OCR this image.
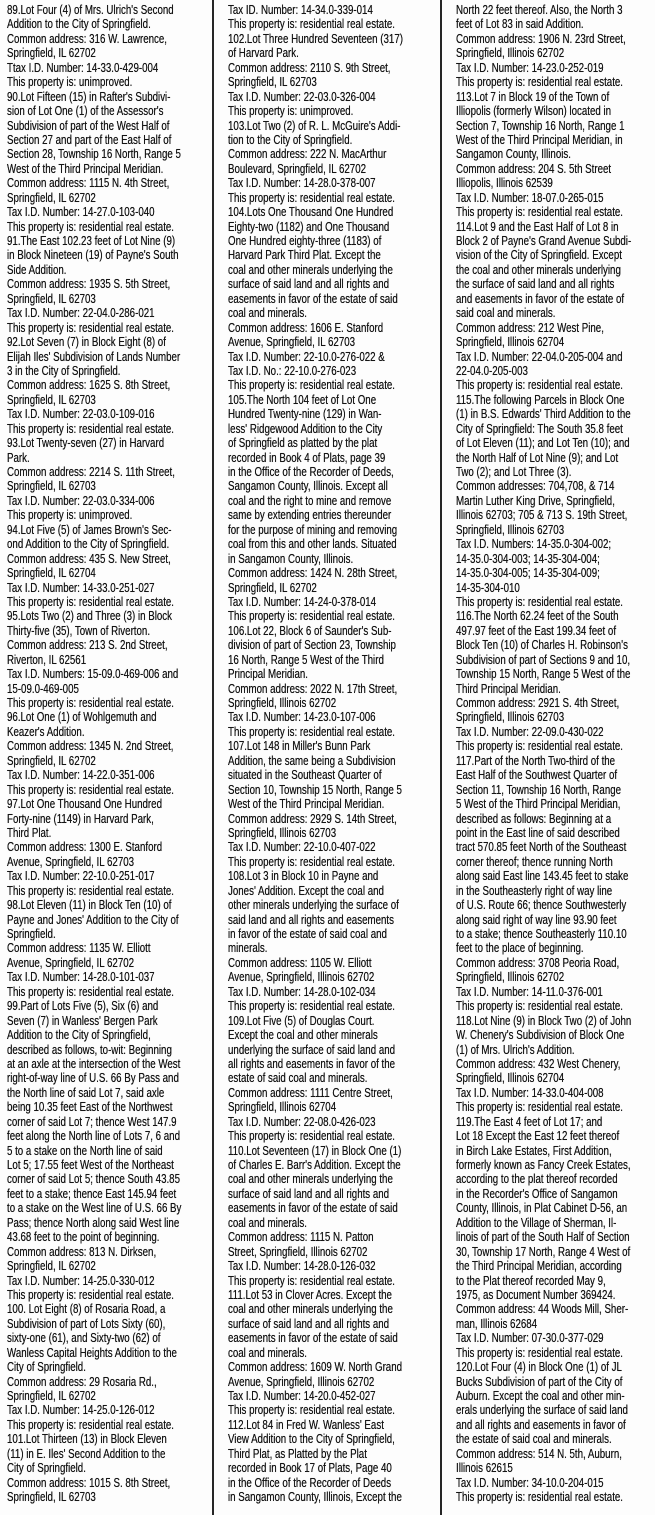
89.Lot Four (4) of Mrs. Ulrich's Second
Addition to the City of Springfield.
Common address: 316 W. Lawrence,
Springfield, IL 62702
Ttax I.D. Number: 14-33.0-429-004
This property is: unimproved.
90.Lot Fifteen (15) in Rafter's Subdivi-
sion of Lot One (1) of the Assessor's
Subdivision of part of the West Half of
Section 27 and part of the East Half of
Section 28, Township 16 North, Range 5
West of the Third Principal Meridian.
Common address: 1115 N. 4th Street,
Springfield, IL 62702
Tax I.D. Number: 14-27.0-103-040
This property is: residential real estate.
91.The East 102.23 feet of Lot Nine (9)
in Block Nineteen (19) of Payne's South
Side Addition.
Common address: 1935 S. 5th Street,
Springfield, IL 62703
Tax I.D. Number: 22-04.0-286-021
This property is: residential real estate.
92.Lot Seven (7) in Block Eight (8) of
Elijah Iles' Subdivision of Lands Number
3 in the City of Springfield.
Common address: 1625 S. 8th Street,
Springfield, IL 62703
Tax I.D. Number: 22-03.0-109-016
This property is: residential real estate.
93.Lot Twenty-seven (27) in Harvard
Park.
Common address: 2214 S. 11th Street,
Springfield, IL 62703
Tax I.D. Number: 22-03.0-334-006
This property is: unimproved.
94.Lot Five (5) of James Brown's Sec-
ond Addition to the City of Springfield.
Common address: 435 S. New Street,
Springfield, IL 62704
Tax I.D. Number: 14-33.0-251-027
This property is: residential real estate.
95.Lots Two (2) and Three (3) in Block
Thirty-five (35), Town of Riverton.
Common address: 213 S. 2nd Street,
Riverton, IL 62561
Tax I.D. Numbers: 15-09.0-469-006 and
15-09.0-469-005
This property is: residential real estate.
96.Lot One (1) of Wohlgemuth and
Keazer's Addition.
Common address: 1345 N. 2nd Street,
Springfield, IL 62702
Tax I.D. Number: 14-22.0-351-006
This property is: residential real estate.
97.Lot One Thousand One Hundred
Forty-nine (1149) in Harvard Park,
Third Plat.
Common address: 1300 E. Stanford
Avenue, Springfield, IL 62703
Tax I.D. Number: 22-10.0-251-017
This property is: residential real estate.
98.Lot Eleven (11) in Block Ten (10) of
Payne and Jones' Addition to the City of
Springfield.
Common address: 1135 W. Elliott
Avenue, Springfield, IL 62702
Tax I.D. Number: 14-28.0-101-037
This property is: residential real estate.
99.Part of Lots Five (5), Six (6) and
Seven (7) in Wanless' Bergen Park
Addition to the City of Springfield,
described as follows, to-wit: Beginning
at an axle at the intersection of the West
right-of-way line of U.S. 66 By Pass and
the North line of said Lot 7, said axle
being 10.35 feet East of the Northwest
corner of said Lot 7; thence West 147.9
feet along the North line of Lots 7, 6 and
5 to a stake on the North line of said
Lot 5; 17.55 feet West of the Northeast
corner of said Lot 5; thence South 43.85
feet to a stake; thence East 145.94 feet
to a stake on the West line of U.S. 66 By
Pass; thence North along said West line
43.68 feet to the point of beginning.
Common address: 813 N. Dirksen,
Springfield, IL 62702
Tax I.D. Number: 14-25.0-330-012
This property is: residential real estate.
100. Lot Eight (8) of Rosaria Road, a
Subdivision of part of Lots Sixty (60),
sixty-one (61), and Sixty-two (62) of
Wanless Capital Heights Addition to the
City of Springfield.
Common address: 29 Rosaria Rd.,
Springfield, IL 62702
Tax I.D. Number: 14-25.0-126-012
This property is: residential real estate.
101.Lot Thirteen (13) in Block Eleven
(11) in E. Iles' Second Addition to the
City of Springfield.
Common address: 1015 S. 8th Street,
Springfield, IL 62703
Tax ID. Number: 14-34.0-339-014
This property is: residential real estate.
102.Lot Three Hundred Seventeen (317)
of Harvard Park.
Common address: 2110 S. 9th Street,
Springfield, IL 62703
Tax I.D. Number: 22-03.0-326-004
This property is: unimproved.
103.Lot Two (2) of R. L. McGuire's Addi-
tion to the City of Springfield.
Common address: 222 N. MacArthur
Boulevard, Springfield, IL 62702
Tax I.D. Number: 14-28.0-378-007
This property is: residential real estate.
104.Lots One Thousand One Hundred
Eighty-two (1182) and One Thousand
One Hundred eighty-three (1183) of
Harvard Park Third Plat. Except the
coal and other minerals underlying the
surface of said land and all rights and
easements in favor of the estate of said
coal and minerals.
Common address: 1606 E. Stanford
Avenue, Springfield, IL 62703
Tax I.D. Number: 22-10.0-276-022 &
Tax I.D. No.: 22-10.0-276-023
This property is: residential real estate.
105.The North 104 feet of Lot One
Hundred Twenty-nine (129) in Wan-
less' Ridgewood Addition to the City
of Springfield as platted by the plat
recorded in Book 4 of Plats, page 39
in the Office of the Recorder of Deeds,
Sangamon County, Illinois. Except all
coal and the right to mine and remove
same by extending entries thereunder
for the purpose of mining and removing
coal from this and other lands. Situated
in Sangamon County, Illinois.
Common address: 1424 N. 28th Street,
Springfield, IL 62702
Tax I.D. Number: 14-24-0-378-014
This property is: residential real estate.
106.Lot 22, Block 6 of Saunder's Sub-
division of part of Section 23, Township
16 North, Range 5 West of the Third
Principal Meridian.
Common address: 2022 N. 17th Street,
Springfield, Illinois 62702
Tax I.D. Number: 14-23.0-107-006
This property is: residential real estate.
107.Lot 148 in Miller's Bunn Park
Addition, the same being a Subdivision
situated in the Southeast Quarter of
Section 10, Township 15 North, Range 5
West of the Third Principal Meridian.
Common address: 2929 S. 14th Street,
Springfield, Illinois 62703
Tax I.D. Number: 22-10.0-407-022
This property is: residential real estate.
108.Lot 3 in Block 10 in Payne and
Jones' Addition. Except the coal and
other minerals underlying the surface of
said land and all rights and easements
in favor of the estate of said coal and
minerals.
Common address: 1105 W. Elliott
Avenue, Springfield, Illinois 62702
Tax I.D. Number: 14-28.0-102-034
This property is: residential real estate.
109.Lot Five (5) of Douglas Court.
Except the coal and other minerals
underlying the surface of said land and
all rights and easements in favor of the
estate of said coal and minerals.
Common address: 1111 Centre Street,
Springfield, Illinois 62704
Tax I.D. Number: 22-08.0-426-023
This property is: residential real estate.
110.Lot Seventeen (17) in Block One (1)
of Charles E. Barr's Addition. Except the
coal and other minerals underlying the
surface of said land and all rights and
easements in favor of the estate of said
coal and minerals.
Common address: 1115 N. Patton
Street, Springfield, Illinois 62702
Tax I.D. Number: 14-28.0-126-032
This property is: residential real estate.
111.Lot 53 in Clover Acres. Except the
coal and other minerals underlying the
surface of said land and all rights and
easements in favor of the estate of said
coal and minerals.
Common address: 1609 W. North Grand
Avenue, Springfield, Illinois 62702
Tax I.D. Number: 14-20.0-452-027
This property is: residential real estate.
112.Lot 84 in Fred W. Wanless' East
View Addition to the City of Springfield,
Third Plat, as Platted by the Plat
recorded in Book 17 of Plats, Page 40
in the Office of the Recorder of Deeds
in Sangamon County, Illinois, Except the
North 22 feet thereof. Also, the North 3
feet of Lot 83 in said Addition.
Common address: 1906 N. 23rd Street,
Springfield, Illinois 62702
Tax I.D. Number: 14-23.0-252-019
This property is: residential real estate.
113.Lot 7 in Block 19 of the Town of
Illiopolis (formerly Wilson) located in
Section 7, Township 16 North, Range 1
West of the Third Principal Meridian, in
Sangamon County, Illinois.
Common address: 204 S. 5th Street
Illiopolis, Illinois 62539
Tax I.D. Number: 18-07.0-265-015
This property is: residential real estate.
114.Lot 9 and the East Half of Lot 8 in
Block 2 of Payne's Grand Avenue Subdi-
vision of the City of Springfield. Except
the coal and other minerals underlying
the surface of said land and all rights
and easements in favor of the estate of
said coal and minerals.
Common address: 212 West Pine,
Springfield, Illinois 62704
Tax I.D. Number: 22-04.0-205-004 and
22-04.0-205-003
This property is: residential real estate.
115.The following Parcels in Block One
(1) in B.S. Edwards' Third Addition to the
City of Springfield: The South 35.8 feet
of Lot Eleven (11); and Lot Ten (10); and
the North Half of Lot Nine (9); and Lot
Two (2); and Lot Three (3).
Common addresses: 704,708, & 714
Martin Luther King Drive, Springfield,
Illinois 62703; 705 & 713 S. 19th Street,
Springfield, Illinois 62703
Tax I.D. Numbers: 14-35.0-304-002;
14-35.0-304-003; 14-35-304-004;
14-35.0-304-005; 14-35-304-009;
14-35-304-010
This property is: residential real estate.
116.The North 62.24 feet of the South
497.97 feet of the East 199.34 feet of
Block Ten (10) of Charles H. Robinson's
Subdivision of part of Sections 9 and 10,
Township 15 North, Range 5 West of the
Third Principal Meridian.
Common address: 2921 S. 4th Street,
Springfield, Illinois 62703
Tax I.D. Number: 22-09.0-430-022
This property is: residential real estate.
117.Part of the North Two-third of the
East Half of the Southwest Quarter of
Section 11, Township 16 North, Range
5 West of the Third Principal Meridian,
described as follows: Beginning at a
point in the East line of said described
tract 570.85 feet North of the Southeast
corner thereof; thence running North
along said East line 143.45 feet to stake
in the Southeasterly right of way line
of U.S. Route 66; thence Southwesterly
along said right of way line 93.90 feet
to a stake; thence Southeasterly 110.10
feet to the place of beginning.
Common address: 3708 Peoria Road,
Springfield, Illinois 62702
Tax I.D. Number: 14-11.0-376-001
This property is: residential real estate.
118.Lot Nine (9) in Block Two (2) of John
W. Chenery's Subdivision of Block One
(1) of Mrs. Ulrich's Addition.
Common address: 432 West Chenery,
Springfield, Illinois 62704
Tax I.D. Number: 14-33.0-404-008
This property is: residential real estate.
119.The East 4 feet of Lot 17; and
Lot 18 Except the East 12 feet thereof
in Birch Lake Estates, First Addition,
formerly known as Fancy Creek Estates,
according to the plat thereof recorded
in the Recorder's Office of Sangamon
County, Illinois, in Plat Cabinet D-56, an
Addition to the Village of Sherman, Il-
linois of part of the South Half of Section
30, Township 17 North, Range 4 West of
the Third Principal Meridian, according
to the Plat thereof recorded May 9,
1975, as Document Number 369424.
Common address: 44 Woods Mill, Sher-
man, Illinois 62684
Tax I.D. Number: 07-30.0-377-029
This property is: residential real estate.
120.Lot Four (4) in Block One (1) of JL
Bucks Subdivision of part of the City of
Auburn. Except the coal and other min-
erals underlying the surface of said land
and all rights and easements in favor of
the estate of said coal and minerals.
Common address: 514 N. 5th, Auburn,
Illinois 62615
Tax I.D. Number: 34-10.0-204-015
This property is: residential real estate.
